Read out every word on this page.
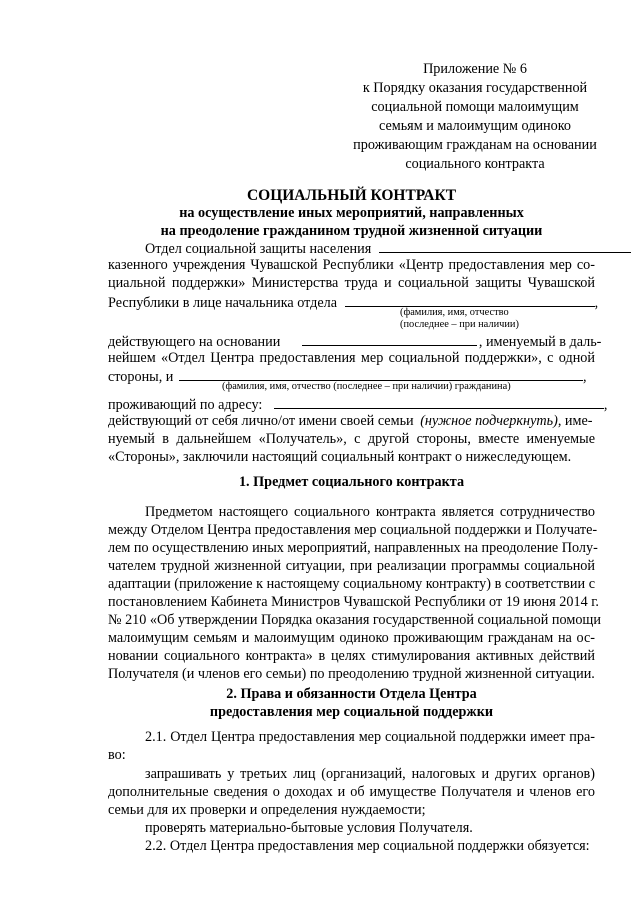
Приложение № 6
к Порядку оказания государственной
социальной помощи малоимущим
семьям и малоимущим одиноко
проживающим гражданам на основании
социального контракта
СОЦИАЛЬНЫЙ КОНТРАКТ
на осуществление иных мероприятий, направленных
на преодоление гражданином трудной жизненной ситуации
Отдел социальной защиты населения
казенного учреждения Чувашской Республики «Центр предоставления мер со-
циальной поддержки» Министерства труда и социальной защиты Чувашской
Республики в лице начальника отдела	,
(фамилия, имя, отчество
(последнее – при наличии)
действующего на основании	, именуемый в даль-
нейшем «Отдел Центра предоставления мер социальной поддержки», с одной
стороны, и	,
(фамилия, имя, отчество (последнее – при наличии) гражданина)
проживающий по адресу:	,
действующий от себя лично/от имени своей семьи (нужное подчеркнуть), име-
нуемый в дальнейшем «Получатель», с другой стороны, вместе именуемые
«Стороны», заключили настоящий социальный контракт о нижеследующем.
1. Предмет социального контракта
Предметом настоящего социального контракта является сотрудничество
между Отделом Центра предоставления мер социальной поддержки и Получате-
лем по осуществлению иных мероприятий, направленных на преодоление Полу-
чателем трудной жизненной ситуации, при реализации программы социальной
адаптации (приложение к настоящему социальному контракту) в соответствии с
постановлением Кабинета Министров Чувашской Республики от 19 июня 2014 г.
№ 210 «Об утверждении Порядка оказания государственной социальной помощи
малоимущим семьям и малоимущим одиноко проживающим гражданам на ос-
новании социального контракта» в целях стимулирования активных действий
Получателя (и членов его семьи) по преодолению трудной жизненной ситуации.
2. Права и обязанности Отдела Центра
предоставления мер социальной поддержки
2.1. Отдел Центра предоставления мер социальной поддержки имеет пра-
во:
запрашивать у третьих лиц (организаций, налоговых и других органов)
дополнительные сведения о доходах и об имуществе Получателя и членов его
семьи для их проверки и определения нуждаемости;
проверять материально-бытовые условия Получателя.
2.2. Отдел Центра предоставления мер социальной поддержки обязуется:
